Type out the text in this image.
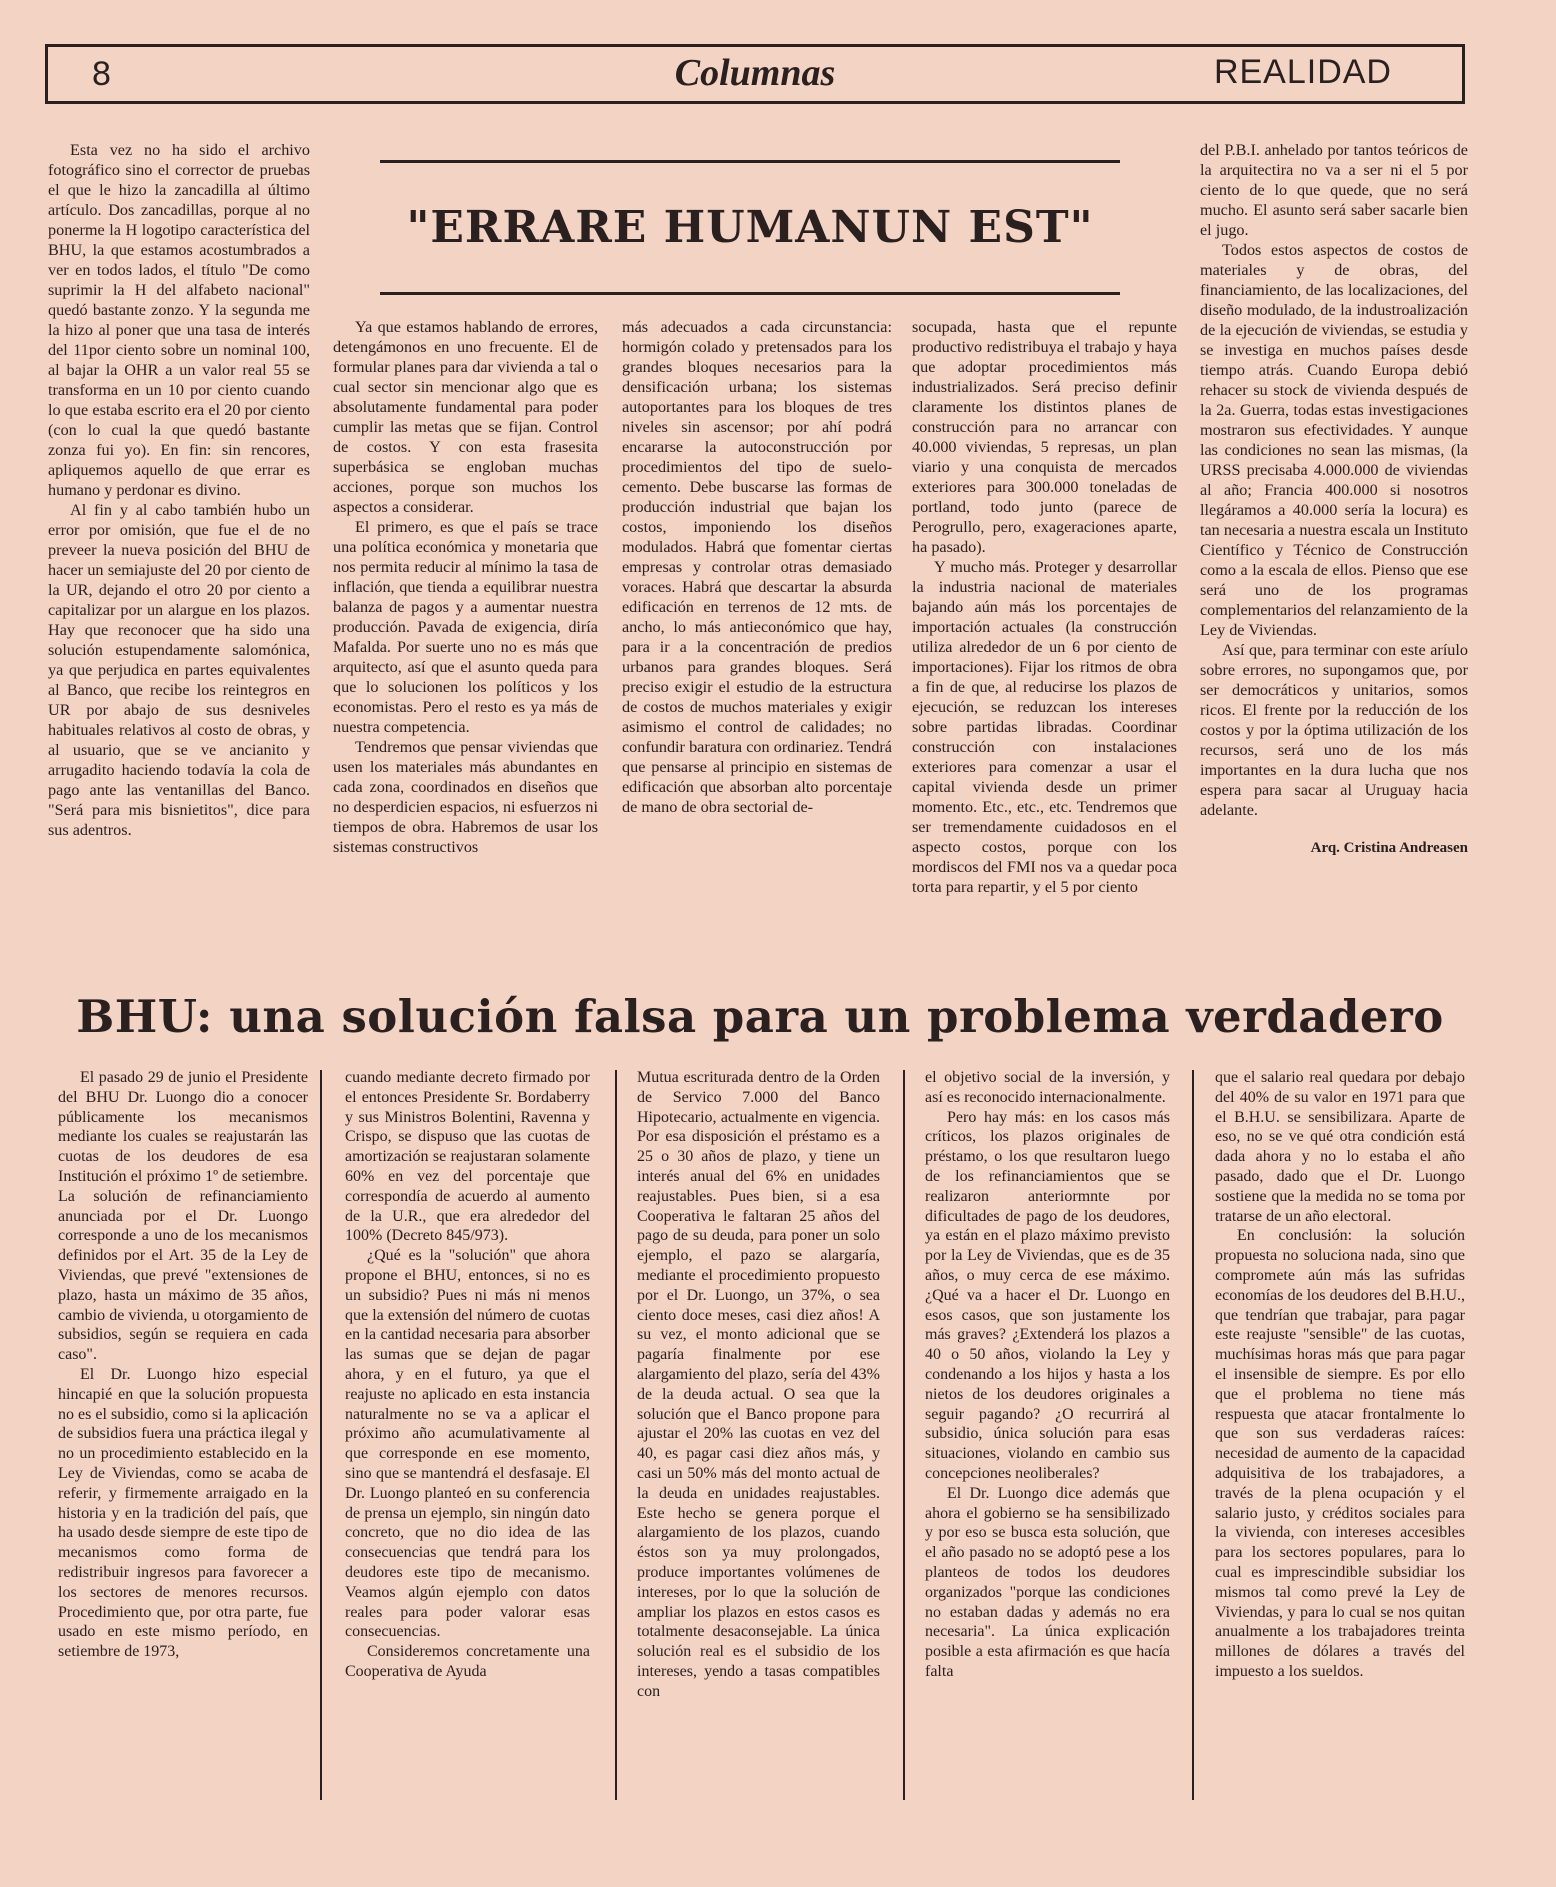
8	Columnas	REALIDAD

Esta vez no ha sido el archivo fotográfico sino el corrector de pruebas el que le hizo la zancadilla al último artículo. Dos zancadillas, porque al no ponerme la H logotipo característica del BHU, la que estamos acostumbrados a ver en todos lados, el título "De como suprimir la H del alfabeto nacional" quedó bastante zonzo. Y la segunda me la hizo al poner que una tasa de interés del 11por ciento sobre un nominal 100, al bajar la OHR a un valor real 55 se transforma en un 10 por ciento cuando lo que estaba escrito era el 20 por ciento (con lo cual la que quedó bastante zonza fui yo). En fin: sin rencores, apliquemos aquello de que errar es humano y perdonar es divino.

Al fin y al cabo también hubo un error por omisión, que fue el de no preveer la nueva posición del BHU de hacer un semiajuste del 20 por ciento de la UR, dejando el otro 20 por ciento a capitalizar por un alargue en los plazos. Hay que reconocer que ha sido una solución estupendamente salomónica, ya que perjudica en partes equivalentes al Banco, que recibe los reintegros en UR por abajo de sus desniveles habituales relativos al costo de obras, y al usuario, que se ve ancianito y arrugadito haciendo todavía la cola de pago ante las ventanillas del Banco. "Será para mis bisnietitos", dice para sus adentros.

"ERRARE HUMANUN EST"

Ya que estamos hablando de errores, detengámonos en uno frecuente. El de formular planes para dar vivienda a tal o cual sector sin mencionar algo que es absolutamente fundamental para poder cumplir las metas que se fijan. Control de costos. Y con esta frasesita superbásica se engloban muchas acciones, porque son muchos los aspectos a considerar.

El primero, es que el país se trace una política económica y monetaria que nos permita reducir al mínimo la tasa de inflación, que tienda a equilibrar nuestra balanza de pagos y a aumentar nuestra producción. Pavada de exigencia, diría Mafalda. Por suerte uno no es más que arquitecto, así que el asunto queda para que lo solucionen los políticos y los economistas. Pero el resto es ya más de nuestra competencia.

Tendremos que pensar viviendas que usen los materiales más abundantes en cada zona, coordinados en diseños que no desperdicien espacios, ni esfuerzos ni tiempos de obra. Habremos de usar los sistemas constructivos

más adecuados a cada circunstancia: hormigón colado y pretensados para los grandes bloques necesarios para la densificación urbana; los sistemas autoportantes para los bloques de tres niveles sin ascensor; por ahí podrá encararse la autoconstrucción por procedimientos del tipo de suelo-cemento. Debe buscarse las formas de producción industrial que bajan los costos, imponiendo los diseños modulados. Habrá que fomentar ciertas empresas y controlar otras demasiado voraces. Habrá que descartar la absurda edificación en terrenos de 12 mts. de ancho, lo más antieconómico que hay, para ir a la concentración de predios urbanos para grandes bloques. Será preciso exigir el estudio de la estructura de costos de muchos materiales y exigir asimismo el control de calidades; no confundir baratura con ordinariez. Tendrá que pensarse al principio en sistemas de edificación que absorban alto porcentaje de mano de obra sectorial de-

socupada, hasta que el repunte productivo redistribuya el trabajo y haya que adoptar procedimientos más industrializados. Será preciso definir claramente los distintos planes de construcción para no arrancar con 40.000 viviendas, 5 represas, un plan viario y una conquista de mercados exteriores para 300.000 toneladas de portland, todo junto (parece de Perogrullo, pero, exageraciones aparte, ha pasado).

Y mucho más. Proteger y desarrollar la industria nacional de materiales bajando aún más los porcentajes de importación actuales (la construcción utiliza alrededor de un 6 por ciento de importaciones). Fijar los ritmos de obra a fin de que, al reducirse los plazos de ejecución, se reduzcan los intereses sobre partidas libradas. Coordinar construcción con instalaciones exteriores para comenzar a usar el capital vivienda desde un primer momento. Etc., etc., etc. Tendremos que ser tremendamente cuidadosos en el aspecto costos, porque con los mordiscos del FMI nos va a quedar poca torta para repartir, y el 5 por ciento

del P.B.I. anhelado por tantos teóricos de la arquitectira no va a ser ni el 5 por ciento de lo que quede, que no será mucho. El asunto será saber sacarle bien el jugo.

Todos estos aspectos de costos de materiales y de obras, del financiamiento, de las localizaciones, del diseño modulado, de la industroalización de la ejecución de viviendas, se estudia y se investiga en muchos países desde tiempo atrás. Cuando Europa debió rehacer su stock de vivienda después de la 2a. Guerra, todas estas investigaciones mostraron sus efectividades. Y aunque las condiciones no sean las mismas, (la URSS precisaba 4.000.000 de viviendas al año; Francia 400.000 si nosotros llegáramos a 40.000 sería la locura) es tan necesaria a nuestra escala un Instituto Científico y Técnico de Construcción como a la escala de ellos. Pienso que ese será uno de los programas complementarios del relanzamiento de la Ley de Viviendas.

Así que, para terminar con este aríulo sobre errores, no supongamos que, por ser democráticos y unitarios, somos ricos. El frente por la reducción de los costos y por la óptima utilización de los recursos, será uno de los más importantes en la dura lucha que nos espera para sacar al Uruguay hacia adelante.

Arq. Cristina Andreasen
BHU: una solución falsa para un problema verdadero

El pasado 29 de junio el Presidente del BHU Dr. Luongo dio a conocer públicamente los mecanismos mediante los cuales se reajustarán las cuotas de los deudores de esa Institución el próximo 1º de setiembre. La solución de refinanciamiento anunciada por el Dr. Luongo corresponde a uno de los mecanismos definidos por el Art. 35 de la Ley de Viviendas, que prevé "extensiones de plazo, hasta un máximo de 35 años, cambio de vivienda, u otorgamiento de subsidios, según se requiera en cada caso".

El Dr. Luongo hizo especial hincapié en que la solución propuesta no es el subsidio, como si la aplicación de subsidios fuera una práctica ilegal y no un procedimiento establecido en la Ley de Viviendas, como se acaba de referir, y firmemente arraigado en la historia y en la tradición del país, que ha usado desde siempre de este tipo de mecanismos como forma de redistribuir ingresos para favorecer a los sectores de menores recursos. Procedimiento que, por otra parte, fue usado en este mismo período, en setiembre de 1973,

cuando mediante decreto firmado por el entonces Presidente Sr. Bordaberry y sus Ministros Bolentini, Ravenna y Crispo, se dispuso que las cuotas de amortización se reajustaran solamente 60% en vez del porcentaje que correspondía de acuerdo al aumento de la U.R., que era alrededor del 100% (Decreto 845/973).

¿Qué es la "solución" que ahora propone el BHU, entonces, si no es un subsidio? Pues ni más ni menos que la extensión del número de cuotas en la cantidad necesaria para absorber las sumas que se dejan de pagar ahora, y en el futuro, ya que el reajuste no aplicado en esta instancia naturalmente no se va a aplicar el próximo año acumulativamente al que corresponde en ese momento, sino que se mantendrá el desfasaje. El Dr. Luongo planteó en su conferencia de prensa un ejemplo, sin ningún dato concreto, que no dio idea de las consecuencias que tendrá para los deudores este tipo de mecanismo. Veamos algún ejemplo con datos reales para poder valorar esas consecuencias.

Consideremos concretamente una Cooperativa de Ayuda

Mutua escriturada dentro de la Orden de Servico 7.000 del Banco Hipotecario, actualmente en vigencia. Por esa disposición el préstamo es a 25 o 30 años de plazo, y tiene un interés anual del 6% en unidades reajustables. Pues bien, si a esa Cooperativa le faltaran 25 años del pago de su deuda, para poner un solo ejemplo, el pazo se alargaría, mediante el procedimiento propuesto por el Dr. Luongo, un 37%, o sea ciento doce meses, casi diez años! A su vez, el monto adicional que se pagaría finalmente por ese alargamiento del plazo, sería del 43% de la deuda actual. O sea que la solución que el Banco propone para ajustar el 20% las cuotas en vez del 40, es pagar casi diez años más, y casi un 50% más del monto actual de la deuda en unidades reajustables. Este hecho se genera porque el alargamiento de los plazos, cuando éstos son ya muy prolongados, produce importantes volúmenes de intereses, por lo que la solución de ampliar los plazos en estos casos es totalmente desaconsejable. La única solución real es el subsidio de los intereses, yendo a tasas compatibles con

el objetivo social de la inversión, y así es reconocido internacionalmente.

Pero hay más: en los casos más críticos, los plazos originales de préstamo, o los que resultaron luego de los refinanciamientos que se realizaron anteriormnte por dificultades de pago de los deudores, ya están en el plazo máximo previsto por la Ley de Viviendas, que es de 35 años, o muy cerca de ese máximo. ¿Qué va a hacer el Dr. Luongo en esos casos, que son justamente los más graves? ¿Extenderá los plazos a 40 o 50 años, violando la Ley y condenando a los hijos y hasta a los nietos de los deudores originales a seguir pagando? ¿O recurrirá al subsidio, única solución para esas situaciones, violando en cambio sus concepciones neoliberales?

El Dr. Luongo dice además que ahora el gobierno se ha sensibilizado y por eso se busca esta solución, que el año pasado no se adoptó pese a los planteos de todos los deudores organizados "porque las condiciones no estaban dadas y además no era necesaria". La única explicación posible a esta afirmación es que hacía falta

que el salario real quedara por debajo del 40% de su valor en 1971 para que el B.H.U. se sensibilizara. Aparte de eso, no se ve qué otra condición está dada ahora y no lo estaba el año pasado, dado que el Dr. Luongo sostiene que la medida no se toma por tratarse de un año electoral.

En conclusión: la solución propuesta no soluciona nada, sino que compromete aún más las sufridas economías de los deudores del B.H.U., que tendrían que trabajar, para pagar este reajuste "sensible" de las cuotas, muchísimas horas más que para pagar el insensible de siempre. Es por ello que el problema no tiene más respuesta que atacar frontalmente lo que son sus verdaderas raíces: necesidad de aumento de la capacidad adquisitiva de los trabajadores, a través de la plena ocupación y el salario justo, y créditos sociales para la vivienda, con intereses accesibles para los sectores populares, para lo cual es imprescindible subsidiar los mismos tal como prevé la Ley de Viviendas, y para lo cual se nos quitan anualmente a los trabajadores treinta millones de dólares a través del impuesto a los sueldos.
